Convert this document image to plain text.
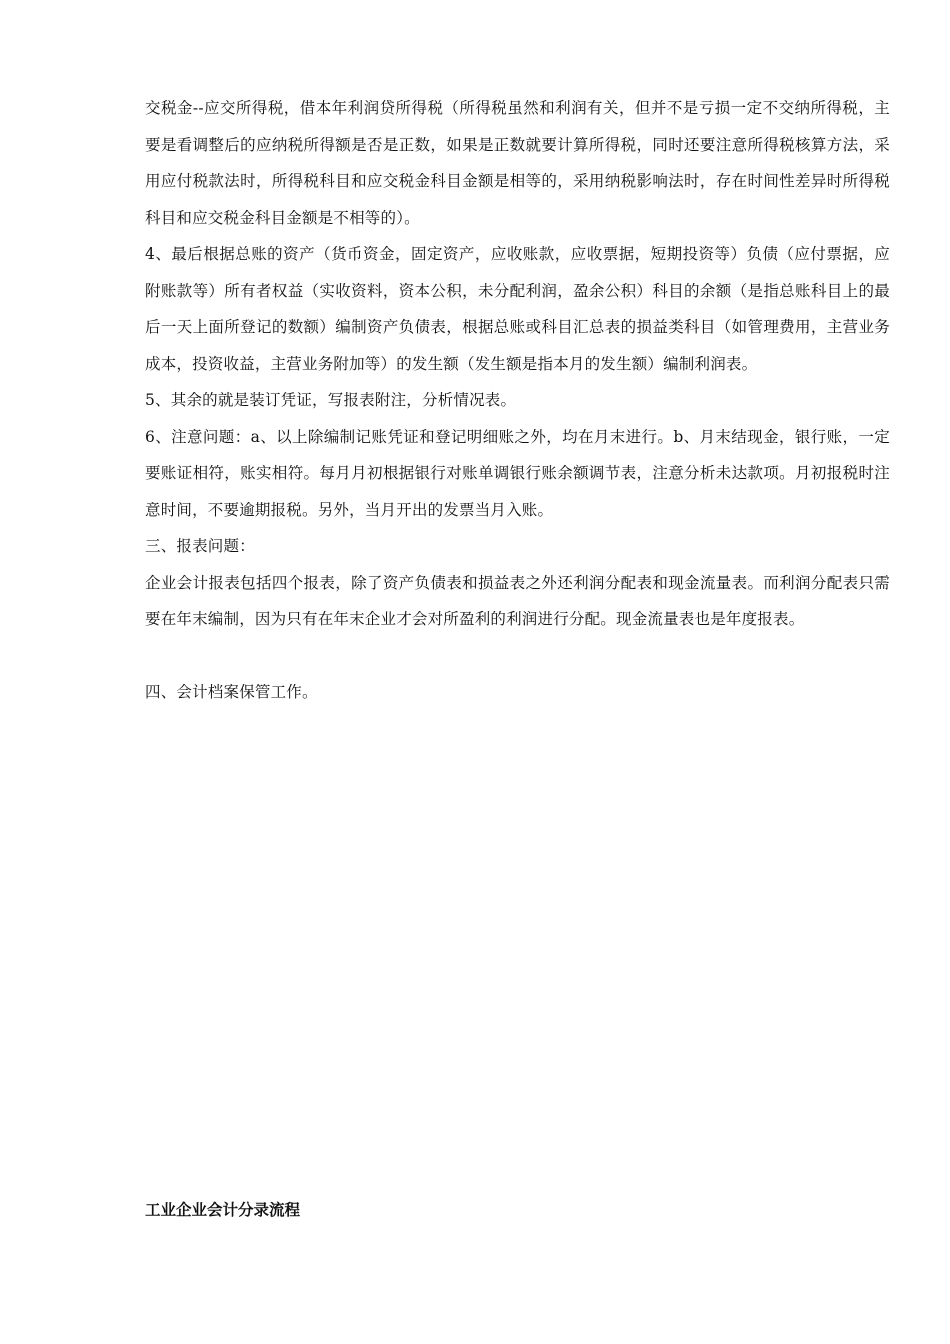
交税金--应交所得税，借本年利润贷所得税（所得税虽然和利润有关，但并不是亏损一定不交纳所得税，主要是看调整后的应纳税所得额是否是正数，如果是正数就要计算所得税，同时还要注意所得税核算方法，采用应付税款法时，所得税科目和应交税金科目金额是相等的，采用纳税影响法时，存在时间性差异时所得税科目和应交税金科目金额是不相等的）。

4、最后根据总账的资产（货币资金，固定资产，应收账款，应收票据，短期投资等）负债（应付票据，应附账款等）所有者权益（实收资料，资本公积，未分配利润，盈余公积）科目的余额（是指总账科目上的最后一天上面所登记的数额）编制资产负债表，根据总账或科目汇总表的损益类科目（如管理费用，主营业务成本，投资收益，主营业务附加等）的发生额（发生额是指本月的发生额）编制利润表。

5、其余的就是装订凭证，写报表附注，分析情况表。

6、注意问题：a、以上除编制记账凭证和登记明细账之外，均在月末进行。b、月末结现金，银行账，一定要账证相符，账实相符。每月月初根据银行对账单调银行账余额调节表，注意分析未达款项。月初报税时注意时间，不要逾期报税。另外，当月开出的发票当月入账。

三、报表问题：

企业会计报表包括四个报表，除了资产负债表和损益表之外还利润分配表和现金流量表。而利润分配表只需要在年末编制，因为只有在年末企业才会对所盈利的利润进行分配。现金流量表也是年度报表。

四、会计档案保管工作。

工业企业会计分录流程
